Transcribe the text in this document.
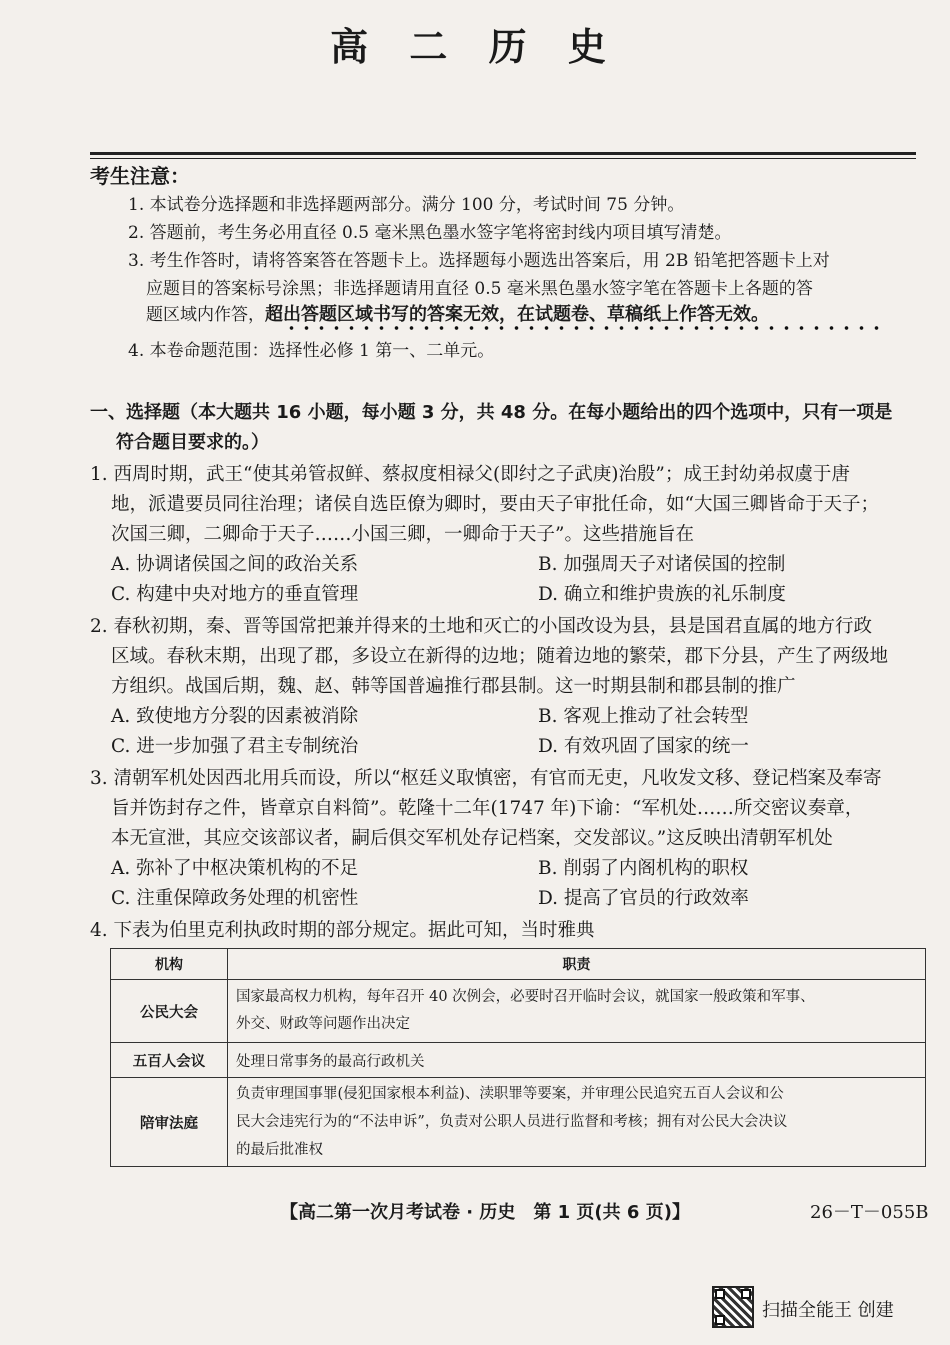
高 二 历 史
考生注意：
1. 本试卷分选择题和非选择题两部分。满分 100 分，考试时间 75 分钟。
2. 答题前，考生务必用直径 0.5 毫米黑色墨水签字笔将密封线内项目填写清楚。
3. 考生作答时，请将答案答在答题卡上。选择题每小题选出答案后，用 2B 铅笔把答题卡上对
应题目的答案标号涂黑；非选择题请用直径 0.5 毫米黑色墨水签字笔在答题卡上各题的答
题区域内作答，超出答题区域书写的答案无效，在试题卷、草稿纸上作答无效。
4. 本卷命题范围：选择性必修 1 第一、二单元。
一、选择题（本大题共 16 小题，每小题 3 分，共 48 分。在每小题给出的四个选项中，只有一项是
符合题目要求的。）
1. 西周时期，武王“使其弟管叔鲜、蔡叔度相禄父(即纣之子武庚)治殷”；成王封幼弟叔虞于唐
地，派遣要员同往治理；诸侯自选臣僚为卿时，要由天子审批任命，如“大国三卿皆命于天子；
次国三卿，二卿命于天子……小国三卿，一卿命于天子”。这些措施旨在
A. 协调诸侯国之间的政治关系	B. 加强周天子对诸侯国的控制
C. 构建中央对地方的垂直管理	D. 确立和维护贵族的礼乐制度
2. 春秋初期，秦、晋等国常把兼并得来的土地和灭亡的小国改设为县，县是国君直属的地方行政
区域。春秋末期，出现了郡，多设立在新得的边地；随着边地的繁荣，郡下分县，产生了两级地
方组织。战国后期，魏、赵、韩等国普遍推行郡县制。这一时期县制和郡县制的推广
A. 致使地方分裂的因素被消除	B. 客观上推动了社会转型
C. 进一步加强了君主专制统治	D. 有效巩固了国家的统一
3. 清朝军机处因西北用兵而设，所以“枢廷义取慎密，有官而无吏，凡收发文移、登记档案及奉寄
旨并饬封存之件，皆章京自料简”。乾隆十二年(1747 年)下谕：“军机处……所交密议奏章，
本无宣泄，其应交该部议者，嗣后俱交军机处存记档案，交发部议。”这反映出清朝军机处
A. 弥补了中枢决策机构的不足	B. 削弱了内阁机构的职权
C. 注重保障政务处理的机密性	D. 提高了官员的行政效率
4. 下表为伯里克利执政时期的部分规定。据此可知，当时雅典
机构	职责
公民大会	国家最高权力机构，每年召开 40 次例会，必要时召开临时会议，就国家一般政策和军事、
外交、财政等问题作出决定

五百人会议	处理日常事务的最高行政机关
陪审法庭	负责审理国事罪(侵犯国家根本利益)、渎职罪等要案，并审理公民追究五百人会议和公
民大会违宪行为的“不法申诉”，负责对公职人员进行监督和考核；拥有对公民大会决议
的最后批准权
【高二第一次月考试卷 · 历史　第 1 页(共 6 页)】	26－T－055B
扫描全能王 创建
